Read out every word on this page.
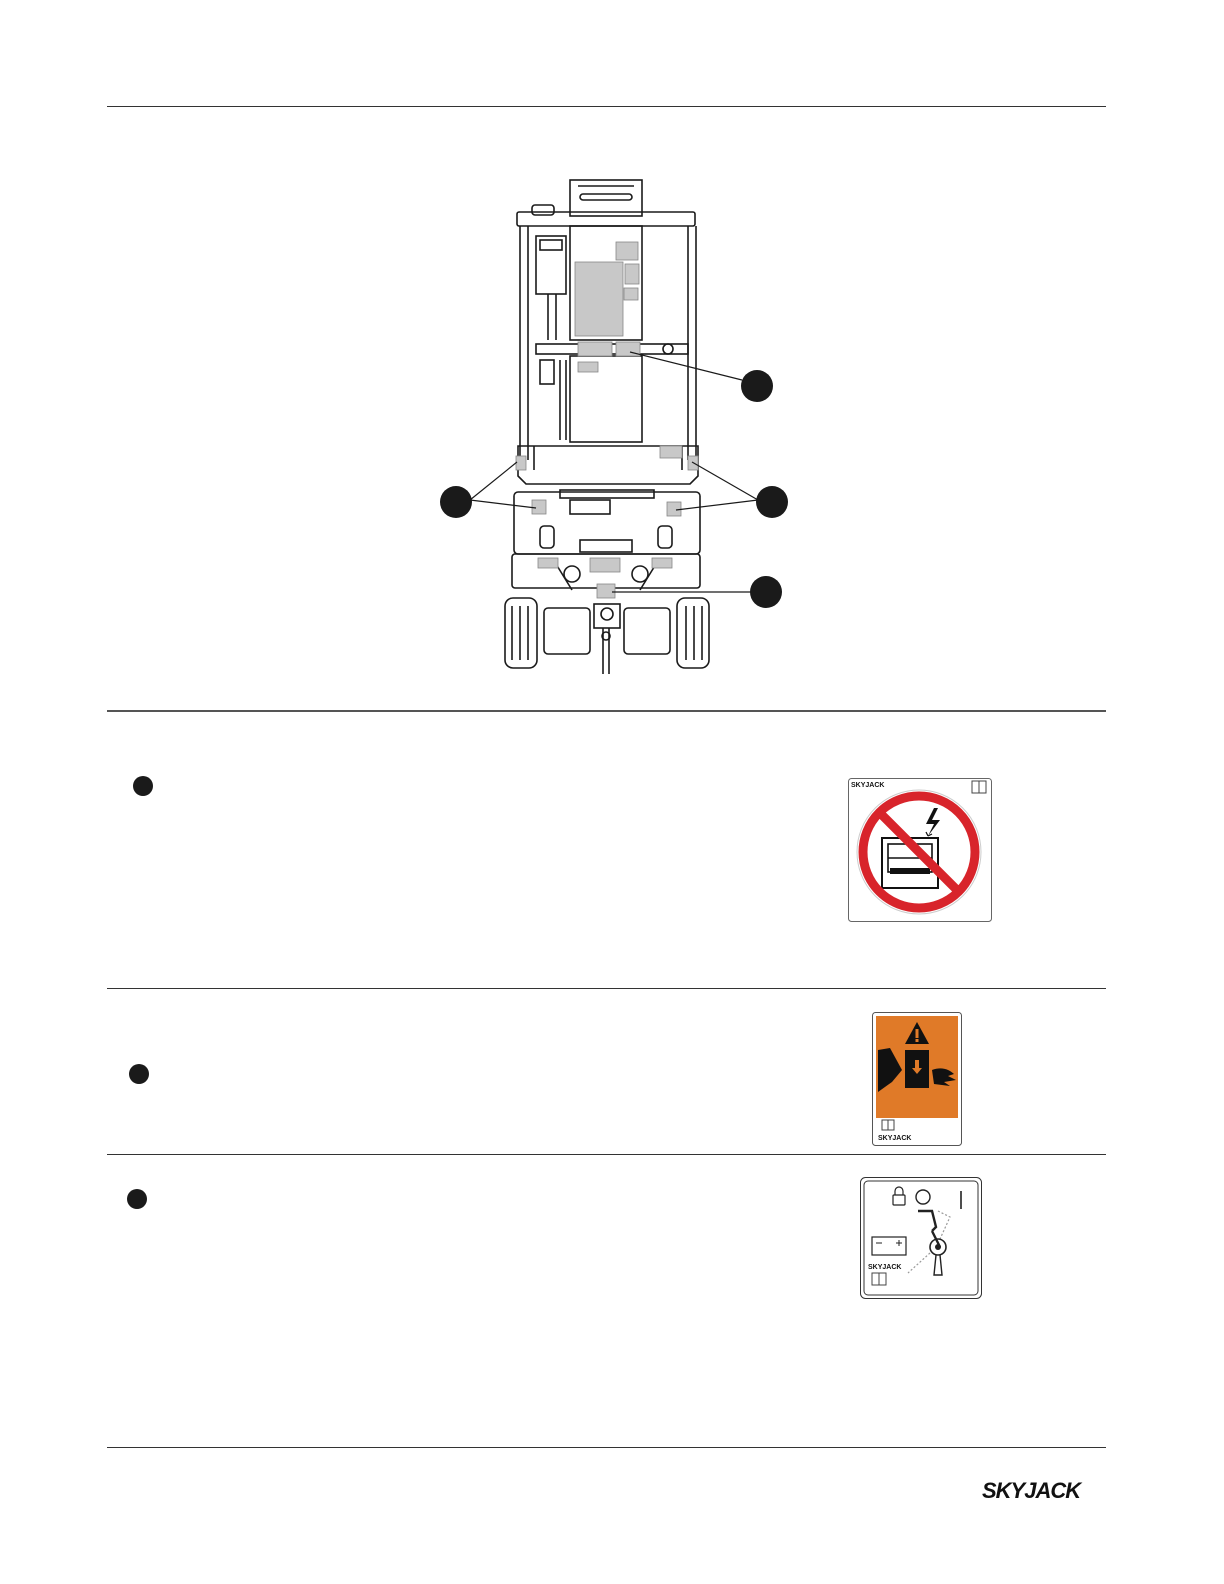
SKYJACK
SKYJACK
SKYJACK
SKYJACK
